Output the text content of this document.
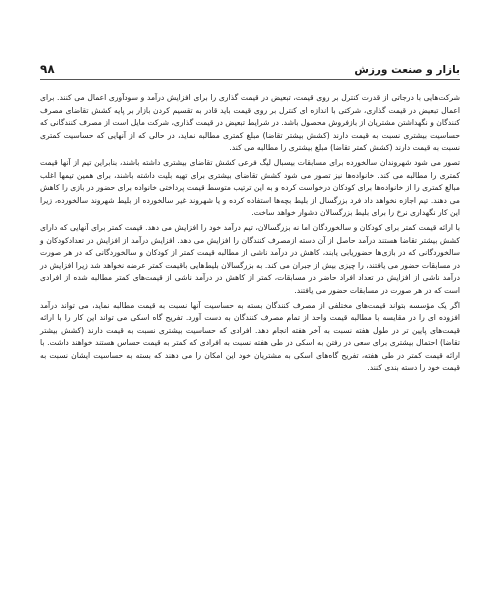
۹۸	بازار و صنعت ورزش

شرکت‌هایی با درجاتی از قدرت کنترل بر روی قیمت، تبعیض در قیمت گذاری را برای افزایش درآمد و سودآوری اعمال می کنند. برای اعمال تبعیض در قیمت گذاری، شرکتی با اندازه ای کنترل بر روی قیمت باید قادر به تقسیم کردن بازار بر پایه کشش تقاضای مصرف کنندگان و نگهداشتن مشتریان از بازفروش محصول باشد. در شرایط تبعیض در قیمت گذاری، شرکت مایل است از مصرف کنندگانی که حساسیت بیشتری نسبت به قیمت دارند (کشش بیشتر تقاضا) مبلغ کمتری مطالبه نماید، در حالی که از آنهایی که حساسیت کمتری نسبت به قیمت دارند (کشش کمتر تقاضا) مبلغ بیشتری را مطالبه می کند.

تصور می شود شهروندان سالخورده برای مسابقات بیسبال لیگ فرعی کشش تقاضای بیشتری داشته باشند، بنابراین تیم از آنها قیمت کمتری را مطالبه می کند. خانواده‌ها نیز تصور می شود کشش تقاضای بیشتری برای تهیه بلیت داشته باشند، برای همین تیمها اغلب مبالغ کمتری را از خانواده‌ها برای کودکان درخواست کرده و به این ترتیب متوسط قیمت پرداختی خانواده برای حضور در بازی را کاهش می دهند. تیم اجازه نخواهد داد فرد بزرگسال از بلیط بچه‌ها استفاده کرده و یا شهروند غیر سالخورده از بلیط شهروند سالخورده، زیرا این کار نگهداری نرخ را برای بلیط بزرگسالان دشوار خواهد ساخت.

با ارائه قیمت کمتر برای کودکان و سالخوردگان اما نه بزرگسالان، تیم درآمد خود را افزایش می دهد. قیمت کمتر برای آنهایی که دارای کشش بیشتر تقاضا هستند درآمد حاصل از آن دسته ازمصرف کنندگان را افزایش می دهد. افزایش درآمد از افزایش در تعدادکودکان و سالخوردگانی که در بازی‌ها حضوریابی یابند، کاهش در درآمد ناشی از مطالبه قیمت کمتر از کودکان و سالخوردگانی که در هر صورت در مسابقات حضور می یافتند، را چیزی بیش از جبران می کند. به بزرگسالان بلیط‌هایی باقیمت کمتر عرضه نخواهد شد زیرا افزایش در درآمد ناشی از افزایش در تعداد افراد حاضر در مسابقات، کمتر از کاهش در درآمد ناشی از قیمت‌های کمتر مطالبه شده از افرادی است که در هر صورت در مسابقات حضور می یافتند.

اگر یک مؤسسه بتواند قیمت‌های مختلفی از مصرف کنندگان بسته به حساسیت آنها نسبت به قیمت مطالبه نماید، می تواند درآمد افزوده ای را در مقایسه با مطالبه قیمت واحد از تمام مصرف کنندگان به دست آورد. تفریح گاه اسکی می تواند این کار را با ارائه قیمت‌های پایین تر در طول هفته نسبت به آخر هفته انجام دهد. افرادی که حساسیت بیشتری نسبت به قیمت دارند (کشش بیشتر تقاضا) احتمال بیشتری برای سعی در رفتن به اسکی در طی هفته نسبت به افرادی که کمتر به قیمت حساس هستند خواهند داشت. با ارائه قیمت کمتر در طی هفته، تفریح گاه‌های اسکی به مشتریان خود این امکان را می دهند که بسته به حساسیت ایشان نسبت به قیمت خود را دسته بندی کنند.
